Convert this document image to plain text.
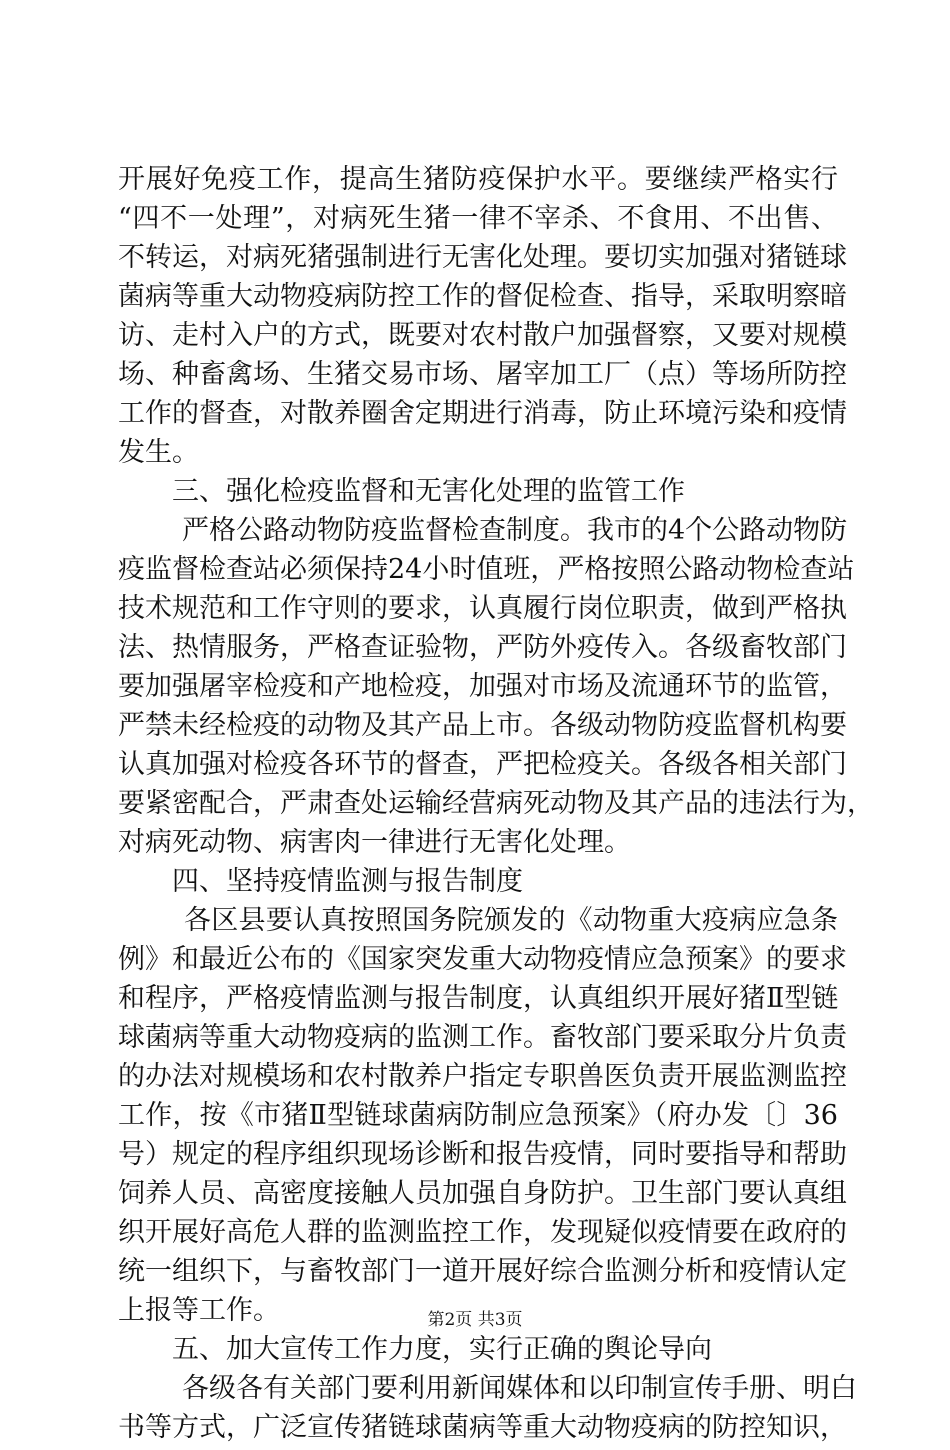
开展好免疫工作，提高生猪防疫保护水平。要继续严格实行
“四不一处理”，对病死生猪一律不宰杀、不食用、不出售、
不转运，对病死猪强制进行无害化处理。要切实加强对猪链球
菌病等重大动物疫病防控工作的督促检查、指导，采取明察暗
访、走村入户的方式，既要对农村散户加强督察，又要对规模
场、种畜禽场、生猪交易市场、屠宰加工厂（点）等场所防控
工作的督查，对散养圈舍定期进行消毒，防止环境污染和疫情
发生。
三、强化检疫监督和无害化处理的监管工作
严格公路动物防疫监督检查制度。我市的4个公路动物防
疫监督检查站必须保持24小时值班，严格按照公路动物检查站
技术规范和工作守则的要求，认真履行岗位职责，做到严格执
法、热情服务，严格查证验物，严防外疫传入。各级畜牧部门
要加强屠宰检疫和产地检疫，加强对市场及流通环节的监管，
严禁未经检疫的动物及其产品上市。各级动物防疫监督机构要
认真加强对检疫各环节的督查，严把检疫关。各级各相关部门
要紧密配合，严肃查处运输经营病死动物及其产品的违法行为，
对病死动物、病害肉一律进行无害化处理。
四、坚持疫情监测与报告制度
各区县要认真按照国务院颁发的《动物重大疫病应急条
例》和最近公布的《国家突发重大动物疫情应急预案》的要求
和程序，严格疫情监测与报告制度，认真组织开展好猪Ⅱ型链
球菌病等重大动物疫病的监测工作。畜牧部门要采取分片负责
的办法对规模场和农村散养户指定专职兽医负责开展监测监控
工作，按《市猪Ⅱ型链球菌病防制应急预案》（府办发〔〕36
号）规定的程序组织现场诊断和报告疫情，同时要指导和帮助
饲养人员、高密度接触人员加强自身防护。卫生部门要认真组
织开展好高危人群的监测监控工作，发现疑似疫情要在政府的
统一组织下，与畜牧部门一道开展好综合监测分析和疫情认定
上报等工作。
五、加大宣传工作力度，实行正确的舆论导向
各级各有关部门要利用新闻媒体和以印制宣传手册、明白
书等方式，广泛宣传猪链球菌病等重大动物疫病的防控知识，
第2页 共3页
